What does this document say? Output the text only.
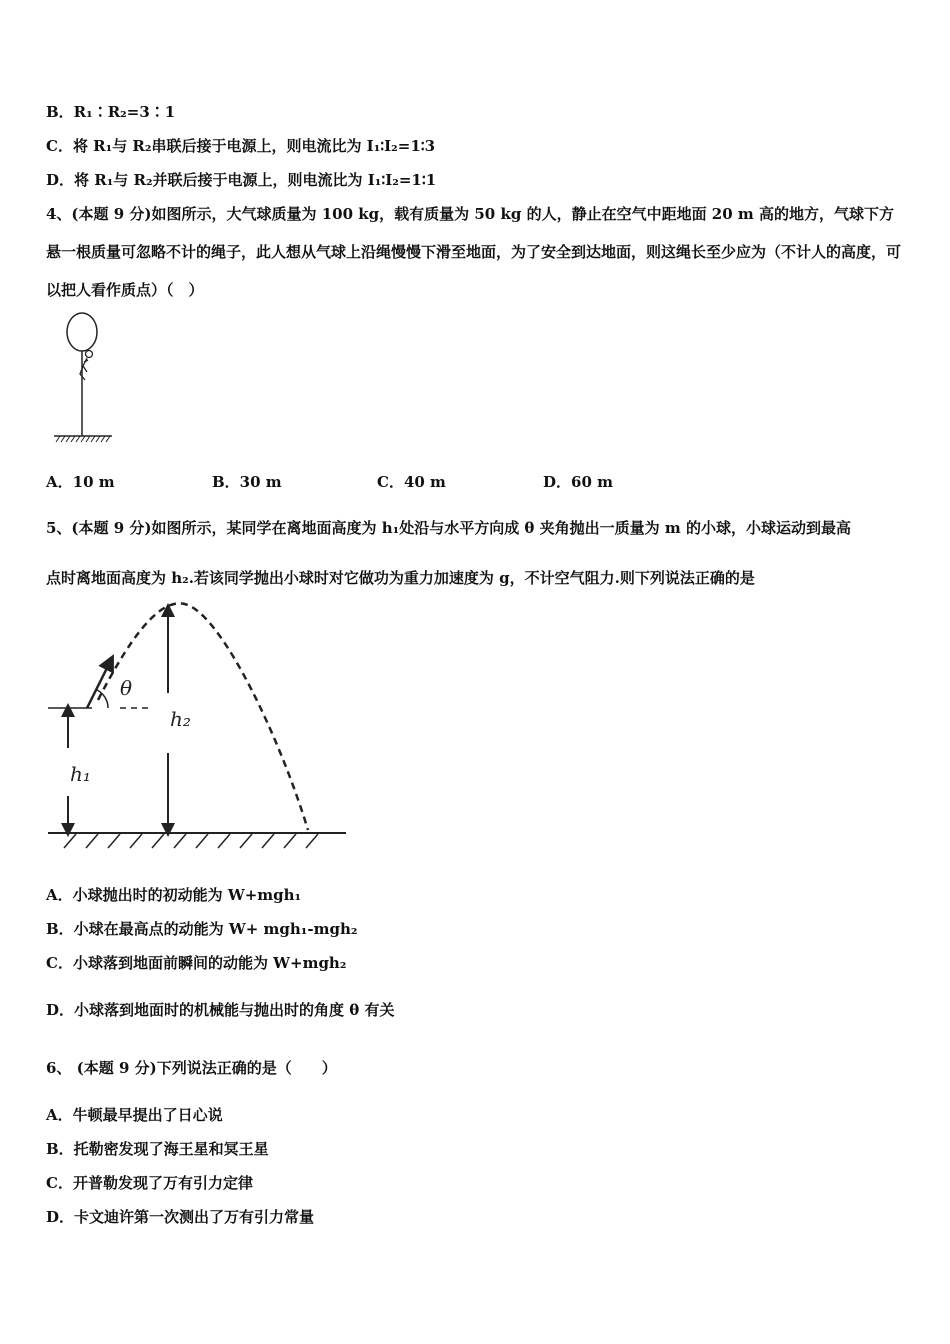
B．R₁∶R₂=3∶1
C．将 R₁与 R₂串联后接于电源上，则电流比为 I₁∶I₂=1∶3
D．将 R₁与 R₂并联后接于电源上，则电流比为 I₁∶I₂=1∶1
4、(本题 9 分)如图所示，大气球质量为 100 kg，载有质量为 50 kg 的人，静止在空气中距地面 20 m 高的地方，气球下方悬一根质量可忽略不计的绳子，此人想从气球上沿绳慢慢下滑至地面，为了安全到达地面，则这绳长至少应为（不计人的高度，可以把人看作质点）（　）
A．10 m	B．30 m	C．40 m	D．60 m
5、(本题 9 分)如图所示，某同学在离地面高度为 h₁处沿与水平方向成 θ 夹角抛出一质量为 m 的小球，小球运动到最高
点时离地面高度为 h₂.若该同学抛出小球时对它做功为重力加速度为 g，不计空气阻力.则下列说法正确的是
θ
h₁
h₂
A．小球抛出时的初动能为 W+mgh₁
B．小球在最高点的动能为 W+ mgh₁-mgh₂
C．小球落到地面前瞬间的动能为 W+mgh₂
D．小球落到地面时的机械能与抛出时的角度 θ 有关
6、 (本题 9 分)下列说法正确的是（　　）
A．牛顿最早提出了日心说
B．托勒密发现了海王星和冥王星
C．开普勒发现了万有引力定律
D．卡文迪许第一次测出了万有引力常量
